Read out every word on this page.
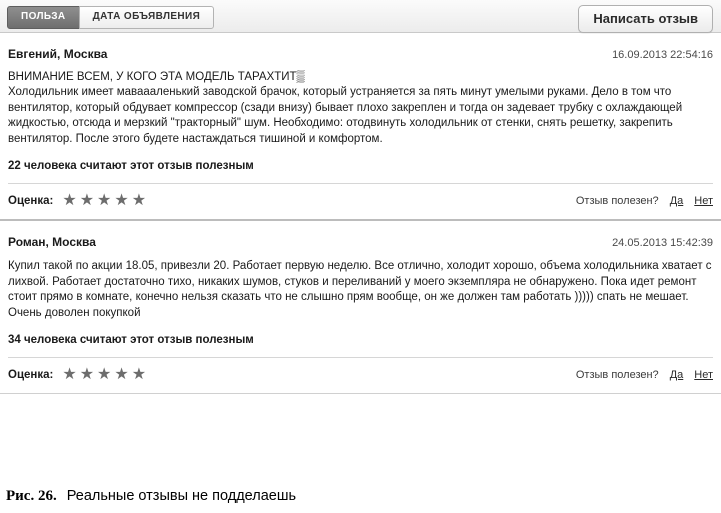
ПОЛЬЗА	ДАТА ОБЪЯВЛЕНИЯ	Написать отзыв
Евгений, Москва	16.09.2013 22:54:16
ВНИМАНИЕ ВСЕМ, У КОГО ЭТА МОДЕЛЬ ТАРАХТИТ▒

Холодильник имеет маваааленький заводской брачок, который устраняется за пять минут умелыми руками. Дело в том что вентилятор, который обдувает компрессор (сзади внизу) бывает плохо закреплен и тогда он задевает трубку с охлаждающей жидкостью, отсюда и мерзкий "тракторный" шум. Необходимо: отодвинуть холодильник от стенки, снять решетку, закрепить вентилятор. После этого будете настаждаться тишиной и комфортом.

22 человека считают этот отзыв полезным
Оценка: ★★★★★	Отзыв полезен? Да Нет
Роман, Москва	24.05.2013 15:42:39

Купил такой по акции 18.05, привезли 20. Работает первую неделю. Все отлично, холодит хорошо, объема холодильника хватает с лихвой. Работает достаточно тихо, никаких шумов, стуков и переливаний у моего экземпляра не обнаружено. Пока идет ремонт стоит прямо в комнате, конечно нельзя сказать что не слышно прям вообще, он же должен там работать ))))) спать не мешает. Очень доволен покупкой

34 человека считают этот отзыв полезным
Оценка: ★★★★★	Отзыв полезен? Да Нет
Рис. 26. Реальные отзывы не подделаешь
